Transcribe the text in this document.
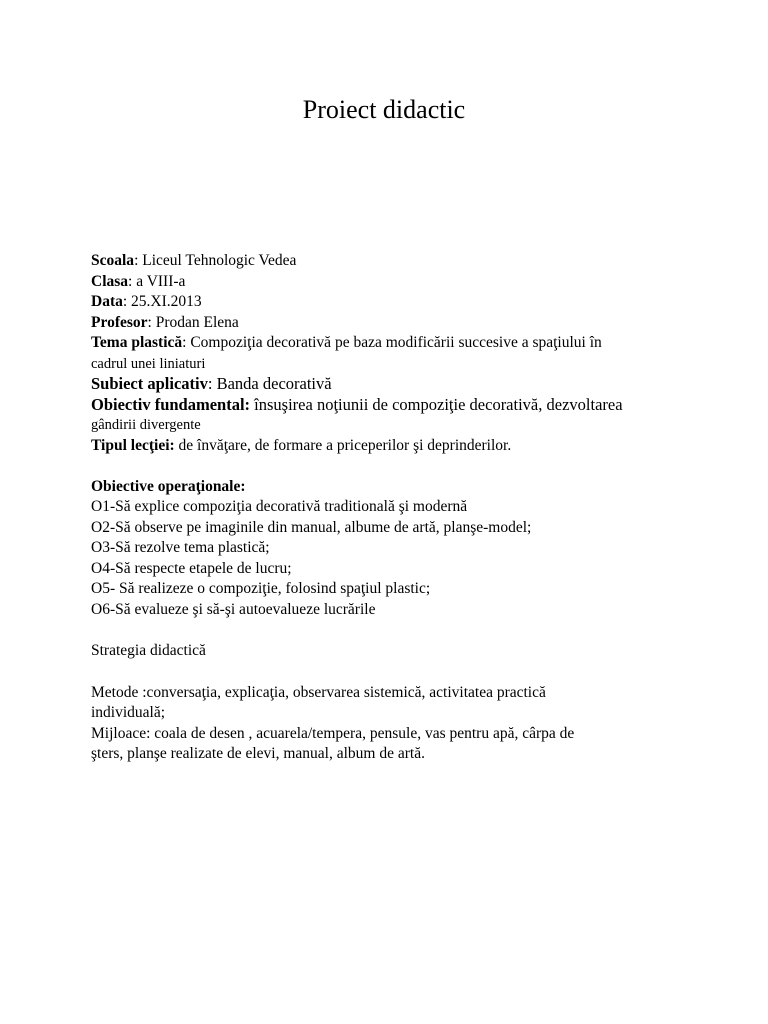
Proiect didactic
Scoala: Liceul Tehnologic Vedea
Clasa: a VIII-a
Data: 25.XI.2013
Profesor: Prodan Elena
Tema plastică: Compoziţia decorativă pe baza modificării succesive a spaţiului în
cadrul unei liniaturi
Subiect aplicativ: Banda decorativă
Obiectiv fundamental: însuşirea noţiunii de compoziţie decorativă, dezvoltarea
gândirii divergente
Tipul lecţiei: de învăţare, de formare a priceperilor şi deprinderilor.
Obiective operaţionale:
O1-Să explice compoziţia decorativă traditională şi modernă
O2-Să observe pe imaginile din manual, albume de artă, planşe-model;
O3-Să rezolve tema plastică;
O4-Să respecte etapele de lucru;
O5- Să realizeze o compoziţie, folosind spaţiul plastic;
O6-Să evalueze şi să-şi autoevalueze lucrările
Strategia didactică
Metode :conversaţia, explicaţia, observarea sistemică, activitatea practică
individuală;
Mijloace: coala de desen , acuarela/tempera, pensule, vas pentru apă, cârpa de
şters, planşe realizate de elevi, manual, album de artă.
